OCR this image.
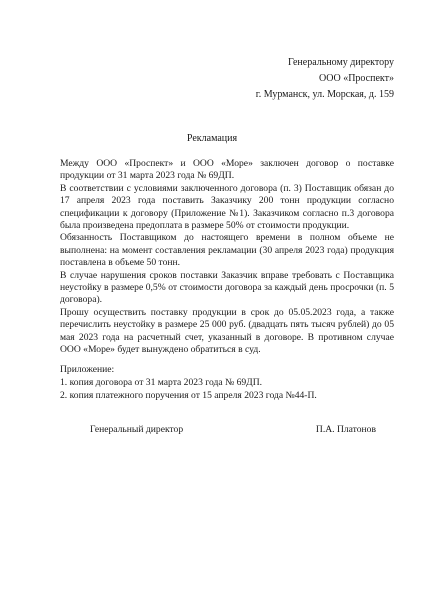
Генеральному директору
ООО «Проспект»
г. Мурманск, ул. Морская, д. 159
Рекламация

Между ООО «Проспект» и ООО «Море» заключен договор о поставке продукции от 31 марта 2023 года № 69ДП.

В соответствии с условиями заключенного договора (п. 3) Поставщик обязан до 17 апреля 2023 года поставить Заказчику 200 тонн продукции согласно спецификации к договору (Приложение №1). Заказчиком согласно п.3 договора была произведена предоплата в размере 50% от стоимости продукции.

Обязанность Поставщиком до настоящего времени в полном объеме не выполнена: на момент составления рекламации (30 апреля 2023 года) продукция поставлена в объеме 50 тонн.

В случае нарушения сроков поставки Заказчик вправе требовать с Поставщика неустойку в размере 0,5% от стоимости договора за каждый день просрочки (п. 5 договора).

Прошу осуществить поставку продукции в срок до 05.05.2023 года, а также перечислить неустойку в размере 25 000 руб. (двадцать пять тысяч рублей) до 05 мая 2023 года на расчетный счет, указанный в договоре. В противном случае ООО «Море» будет вынуждено обратиться в суд.

Приложение:

1. копия договора от 31 марта 2023 года № 69ДП.

2. копия платежного поручения от 15 апреля 2023 года №44-П.

Генеральный директор	П.А. Платонов
